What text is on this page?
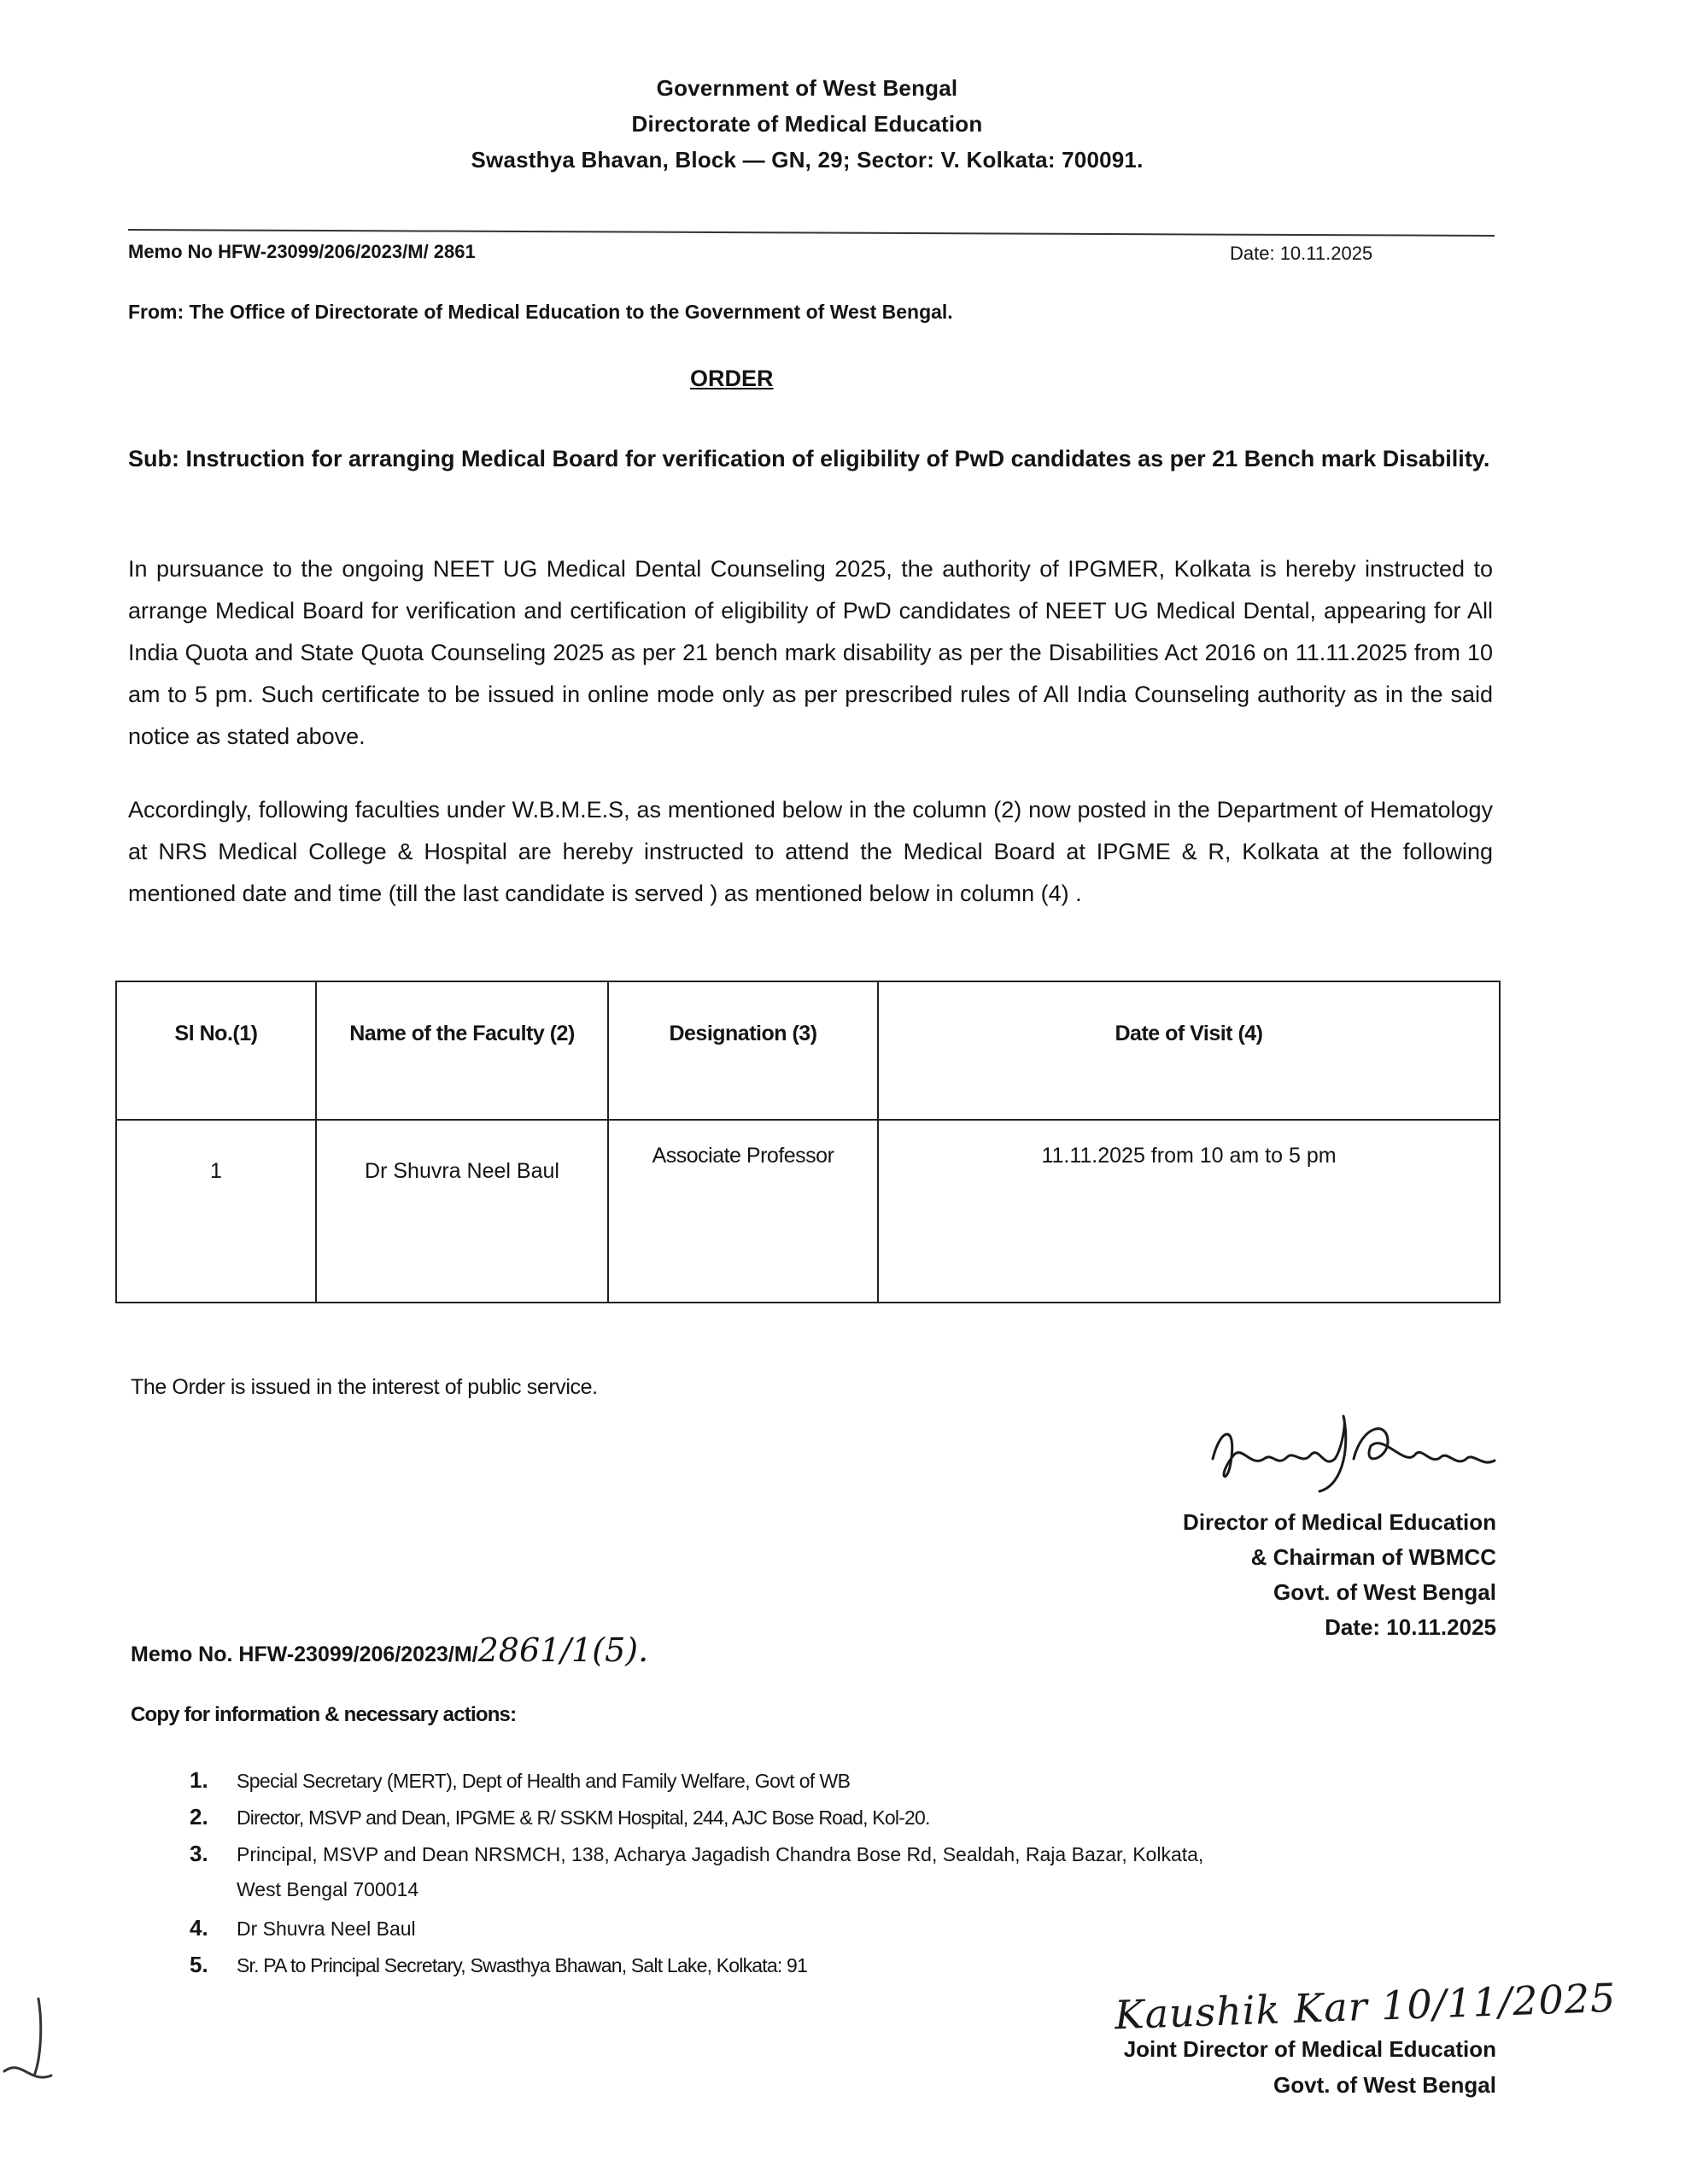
Government of West Bengal
Directorate of Medical Education
Swasthya Bhavan, Block — GN, 29; Sector: V. Kolkata: 700091.
Memo No HFW-23099/206/2023/M/ 2861	Date: 10.11.2025
From: The Office of Directorate of Medical Education to the Government of West Bengal.
ORDER
Sub: Instruction for arranging Medical Board for verification of eligibility of PwD candidates as per 21 Bench mark Disability.
In pursuance to the ongoing NEET UG Medical Dental Counseling 2025, the authority of IPGMER, Kolkata is hereby instructed to arrange Medical Board for verification and certification of eligibility of PwD candidates of NEET UG Medical Dental, appearing for All India Quota and State Quota Counseling 2025 as per 21 bench mark disability as per the Disabilities Act 2016 on 11.11.2025 from 10 am to 5 pm. Such certificate to be issued in online mode only as per prescribed rules of All India Counseling authority as in the said notice as stated above.
Accordingly, following faculties under W.B.M.E.S, as mentioned below in the column (2) now posted in the Department of Hematology at NRS Medical College & Hospital are hereby instructed to attend the Medical Board at IPGME & R, Kolkata at the following mentioned date and time (till the last candidate is served ) as mentioned below in column (4) .
Sl No.(1)	Name of the Faculty (2)	Designation (3)	Date of Visit (4)
1	Dr Shuvra Neel Baul	Associate Professor	11.11.2025 from 10 am to 5 pm
The Order is issued in the interest of public service.
Director of Medical Education
& Chairman of WBMCC
Govt. of West Bengal
Date: 10.11.2025
Memo No. HFW-23099/206/2023/M/2861/1(5).
Copy for information & necessary actions:
1. Special Secretary (MERT), Dept of Health and Family Welfare, Govt of WB
2. Director, MSVP and Dean, IPGME & R/ SSKM Hospital, 244, AJC Bose Road, Kol-20.
3. Principal, MSVP and Dean NRSMCH, 138, Acharya Jagadish Chandra Bose Rd, Sealdah, Raja Bazar, Kolkata,
West Bengal 700014
4. Dr Shuvra Neel Baul
5. Sr. PA to Principal Secretary, Swasthya Bhawan, Salt Lake, Kolkata: 91
Kaushik Kar 10/11/2025
Joint Director of Medical Education
Govt. of West Bengal
